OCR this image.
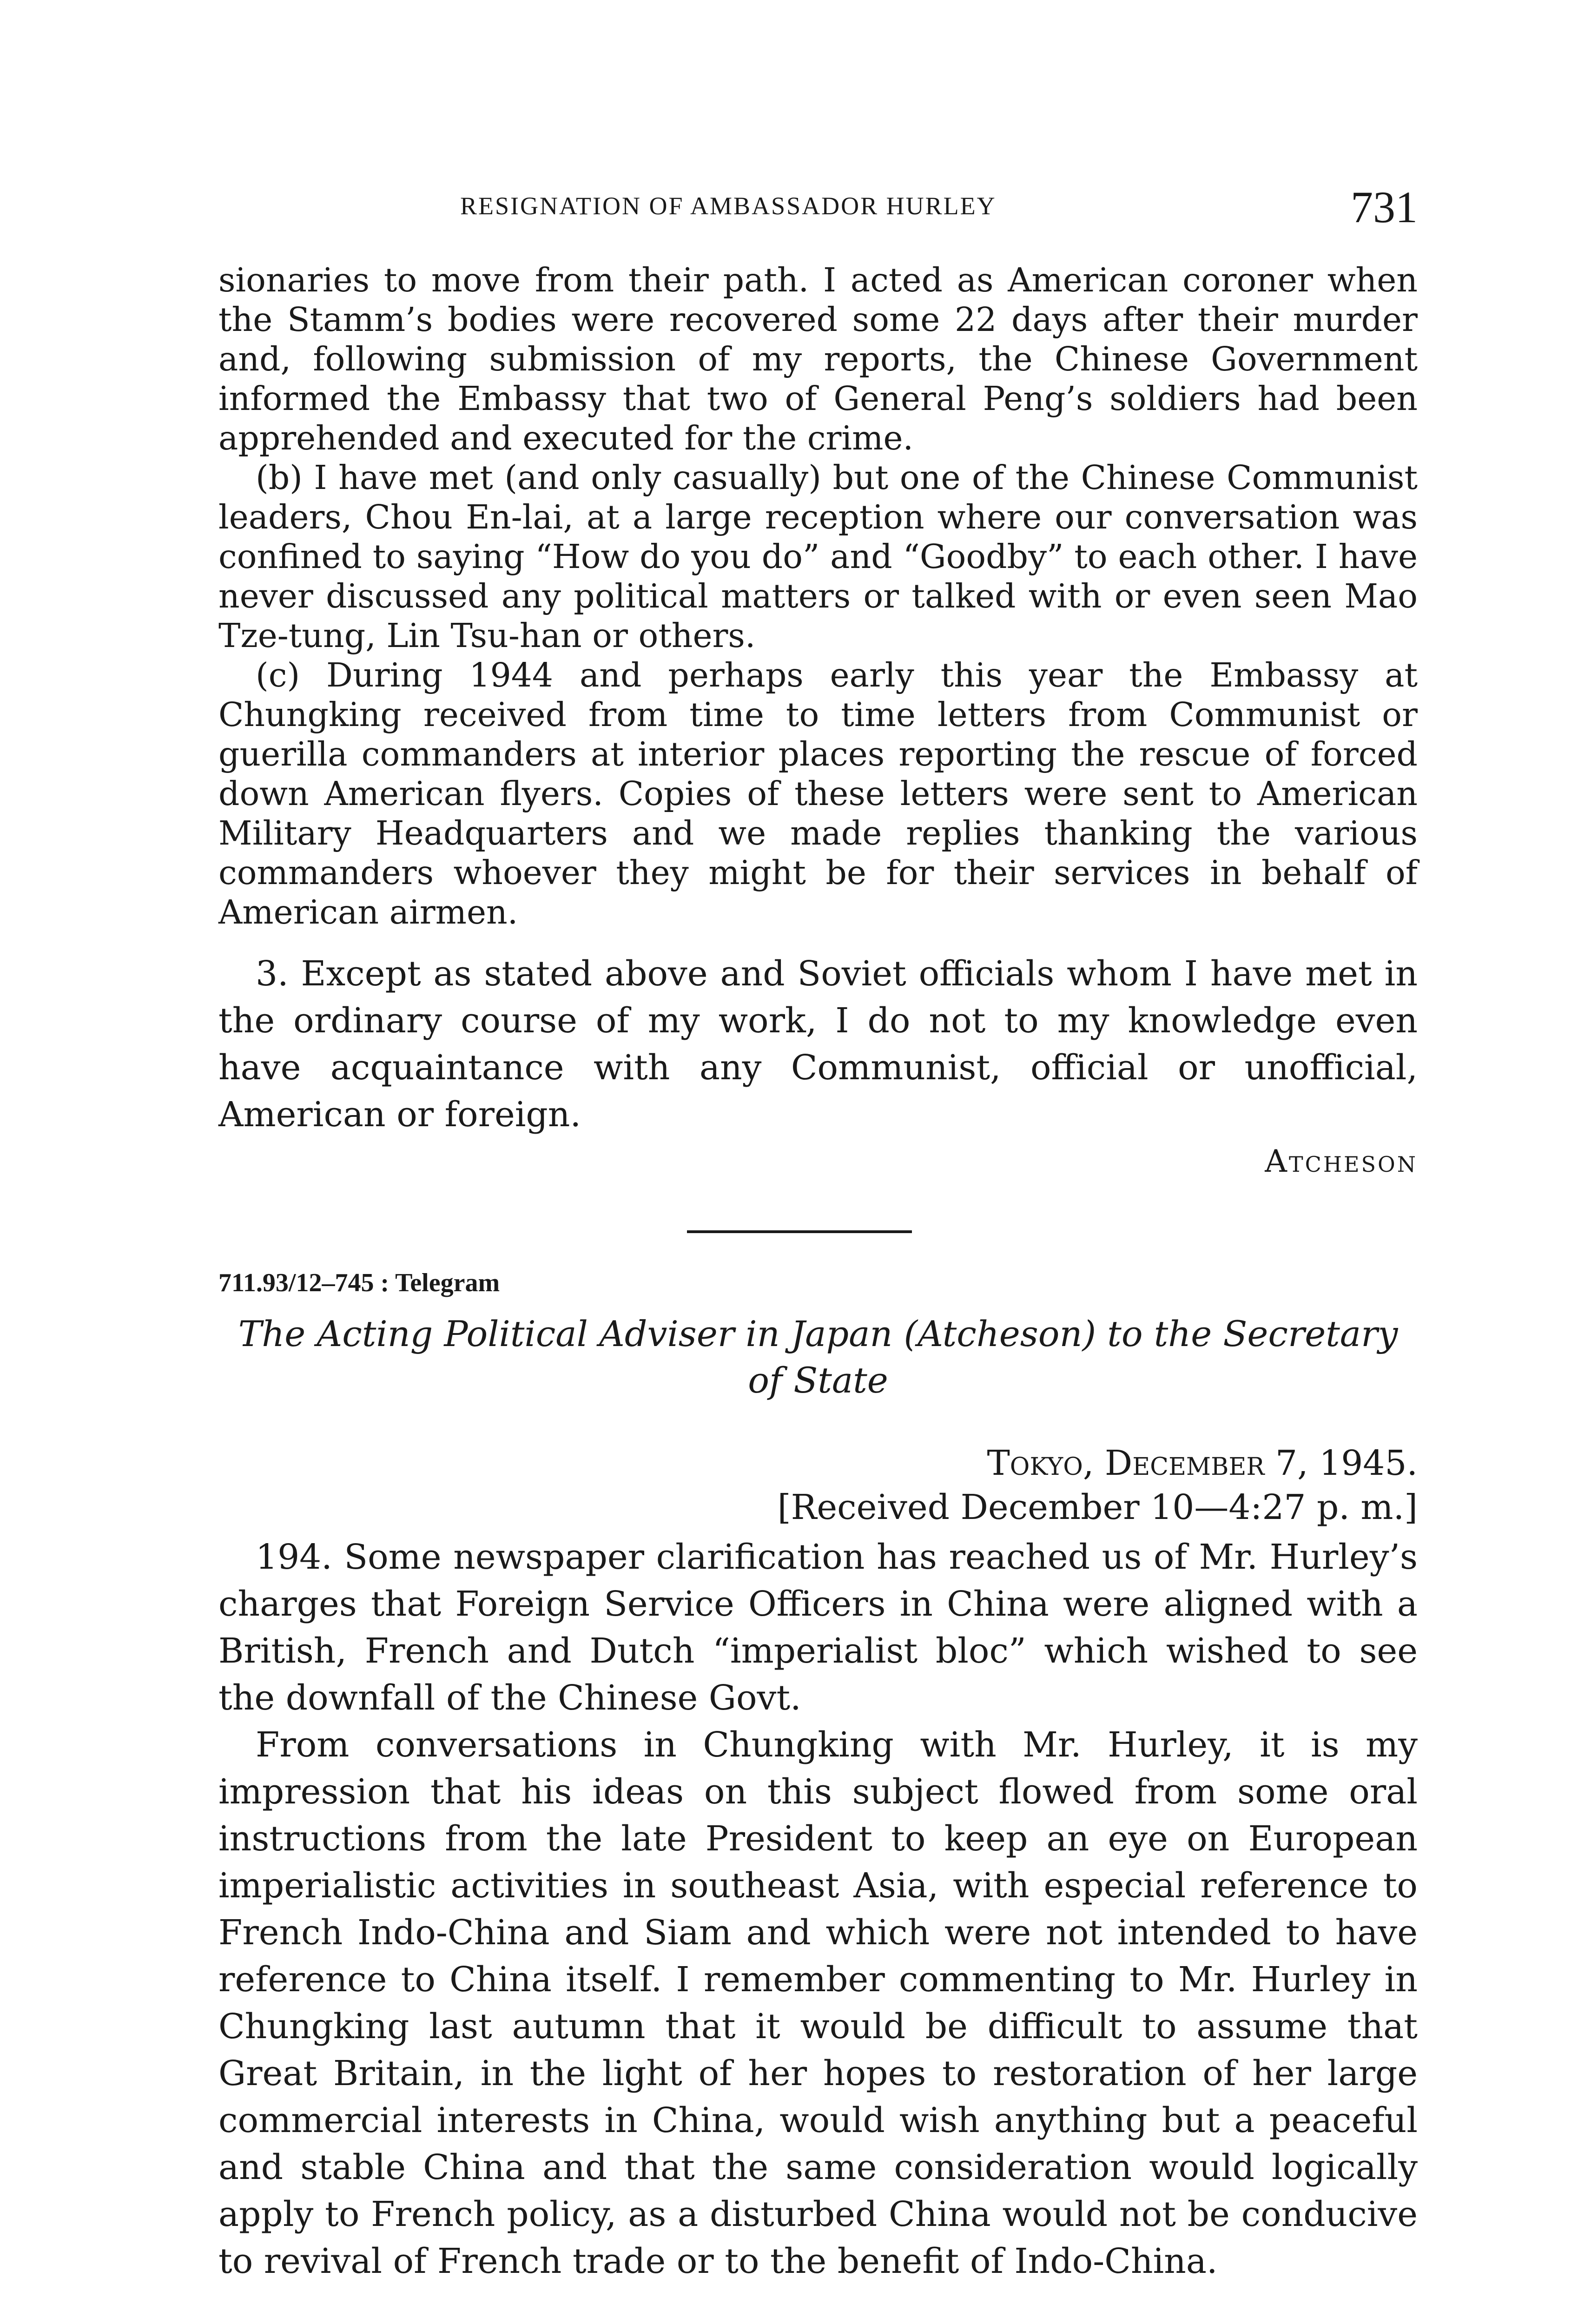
RESIGNATION OF AMBASSADOR HURLEY	731

sionaries to move from their path. I acted as American coroner when the Stamm’s bodies were recovered some 22 days after their murder and, following submission of my reports, the Chinese Government informed the Embassy that two of General Peng’s soldiers had been apprehended and executed for the crime.

(b) I have met (and only casually) but one of the Chinese Communist leaders, Chou En-lai, at a large reception where our conversation was confined to saying “How do you do” and “Goodby” to each other. I have never discussed any political matters or talked with or even seen Mao Tze-tung, Lin Tsu-han or others.

(c) During 1944 and perhaps early this year the Embassy at Chungking received from time to time letters from Communist or guerilla commanders at interior places reporting the rescue of forced down American flyers. Copies of these letters were sent to American Military Headquarters and we made replies thanking the various commanders whoever they might be for their services in behalf of American airmen.

3. Except as stated above and Soviet officials whom I have met in the ordinary course of my work, I do not to my knowledge even have acquaintance with any Communist, official or unofficial, American or foreign.

Atcheson
711.93/12–745 : Telegram
The Acting Political Adviser in Japan (Atcheson) to the Secretary
of State
Tokyo, December 7, 1945.
[Received December 10—4:27 p. m.]

194. Some newspaper clarification has reached us of Mr. Hurley’s charges that Foreign Service Officers in China were aligned with a British, French and Dutch “imperialist bloc” which wished to see the downfall of the Chinese Govt.

From conversations in Chungking with Mr. Hurley, it is my impression that his ideas on this subject flowed from some oral instructions from the late President to keep an eye on European imperialistic activities in southeast Asia, with especial reference to French Indo-China and Siam and which were not intended to have reference to China itself. I remember commenting to Mr. Hurley in Chungking last autumn that it would be difficult to assume that Great Britain, in the light of her hopes to restoration of her large commercial interests in China, would wish anything but a peaceful and stable China and that the same consideration would logically apply to French policy, as a disturbed China would not be conducive to revival of French trade or to the benefit of Indo-China.
